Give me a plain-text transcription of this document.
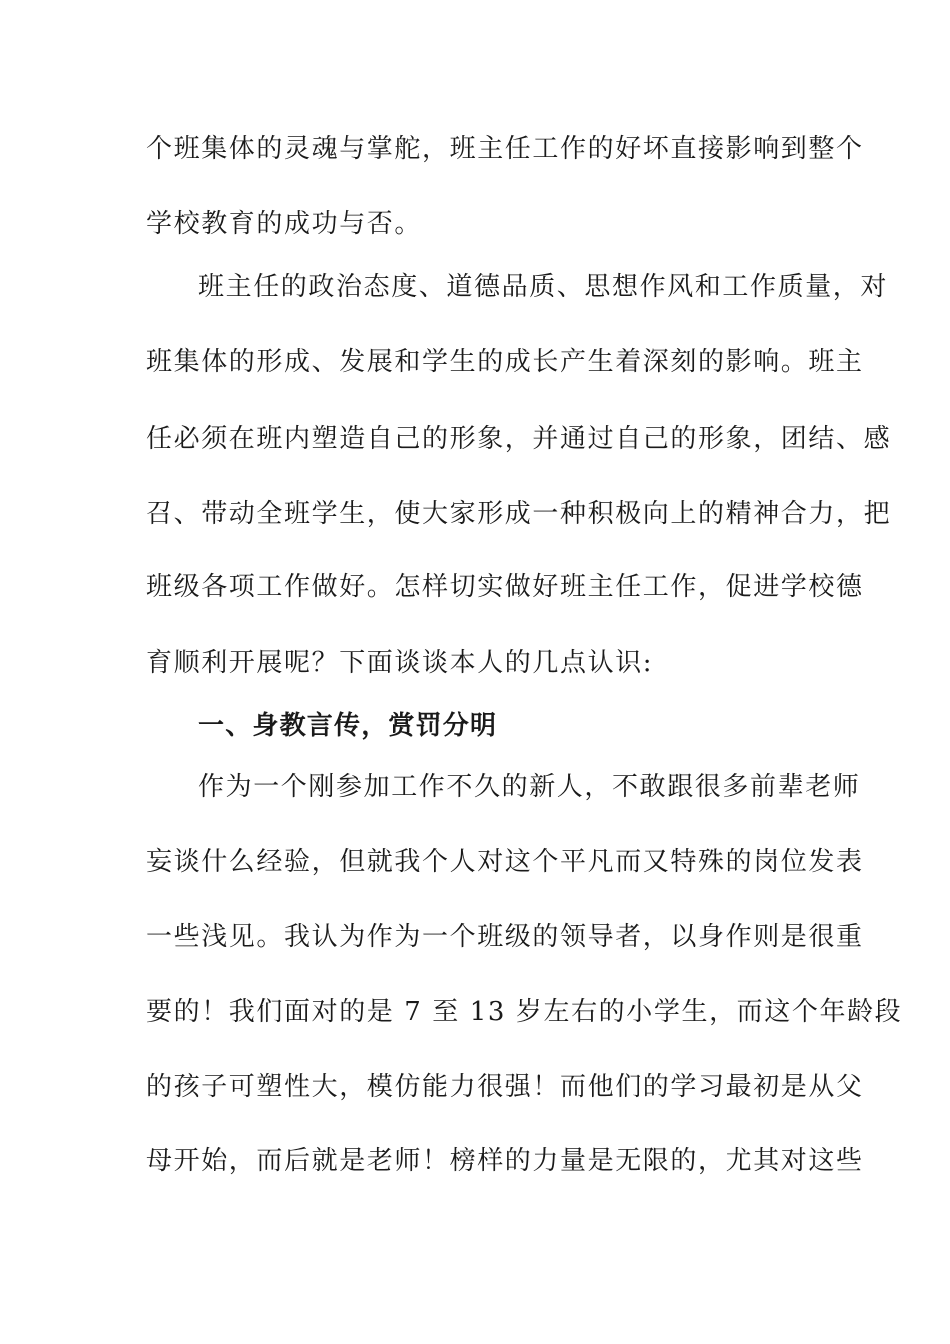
个班集体的灵魂与掌舵，班主任工作的好坏直接影响到整个
学校教育的成功与否。
班主任的政治态度、道德品质、思想作风和工作质量，对
班集体的形成、发展和学生的成长产生着深刻的影响。班主
任必须在班内塑造自己的形象，并通过自己的形象，团结、感
召、带动全班学生，使大家形成一种积极向上的精神合力，把
班级各项工作做好。怎样切实做好班主任工作，促进学校德
育顺利开展呢？下面谈谈本人的几点认识:
一、身教言传，赏罚分明
作为一个刚参加工作不久的新人，不敢跟很多前辈老师
妄谈什么经验，但就我个人对这个平凡而又特殊的岗位发表
一些浅见。我认为作为一个班级的领导者，以身作则是很重
要的！我们面对的是 7 至 13 岁左右的小学生，而这个年龄段
的孩子可塑性大，模仿能力很强！而他们的学习最初是从父
母开始，而后就是老师！榜样的力量是无限的，尤其对这些
